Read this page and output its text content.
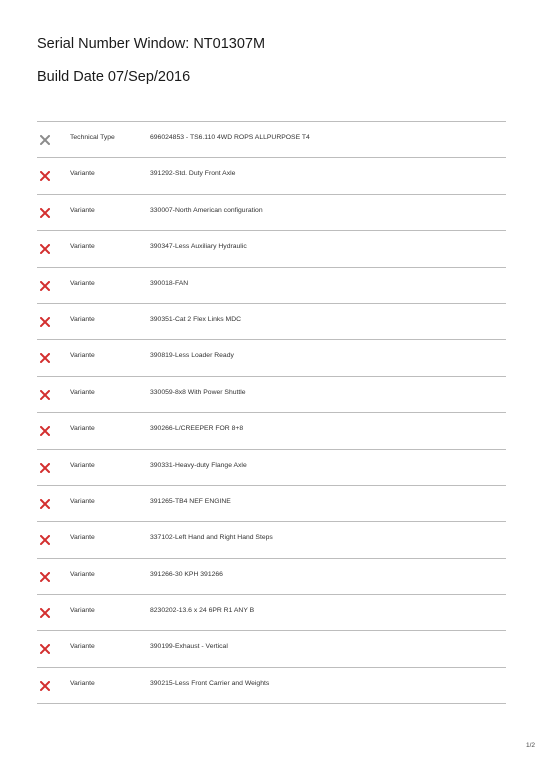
Serial Number Window: NT01307M
Build Date 07/Sep/2016
Technical Type	696024853 - TS6.110 4WD ROPS ALLPURPOSE T4
Variante	391292-Std. Duty Front Axle
Variante	330007-North American configuration
Variante	390347-Less Auxiliary Hydraulic
Variante	390018-FAN
Variante	390351-Cat 2 Flex Links MDC
Variante	390819-Less Loader Ready
Variante	330059-8x8 With Power Shuttle
Variante	390266-L/CREEPER FOR 8+8
Variante	390331-Heavy-duty Flange Axle
Variante	391265-TB4 NEF ENGINE
Variante	337102-Left Hand and Right Hand Steps
Variante	391266-30 KPH 391266
Variante	8230202-13.6 x 24 6PR R1 ANY B
Variante	390199-Exhaust - Vertical
Variante	390215-Less Front Carrier and Weights
1/2
